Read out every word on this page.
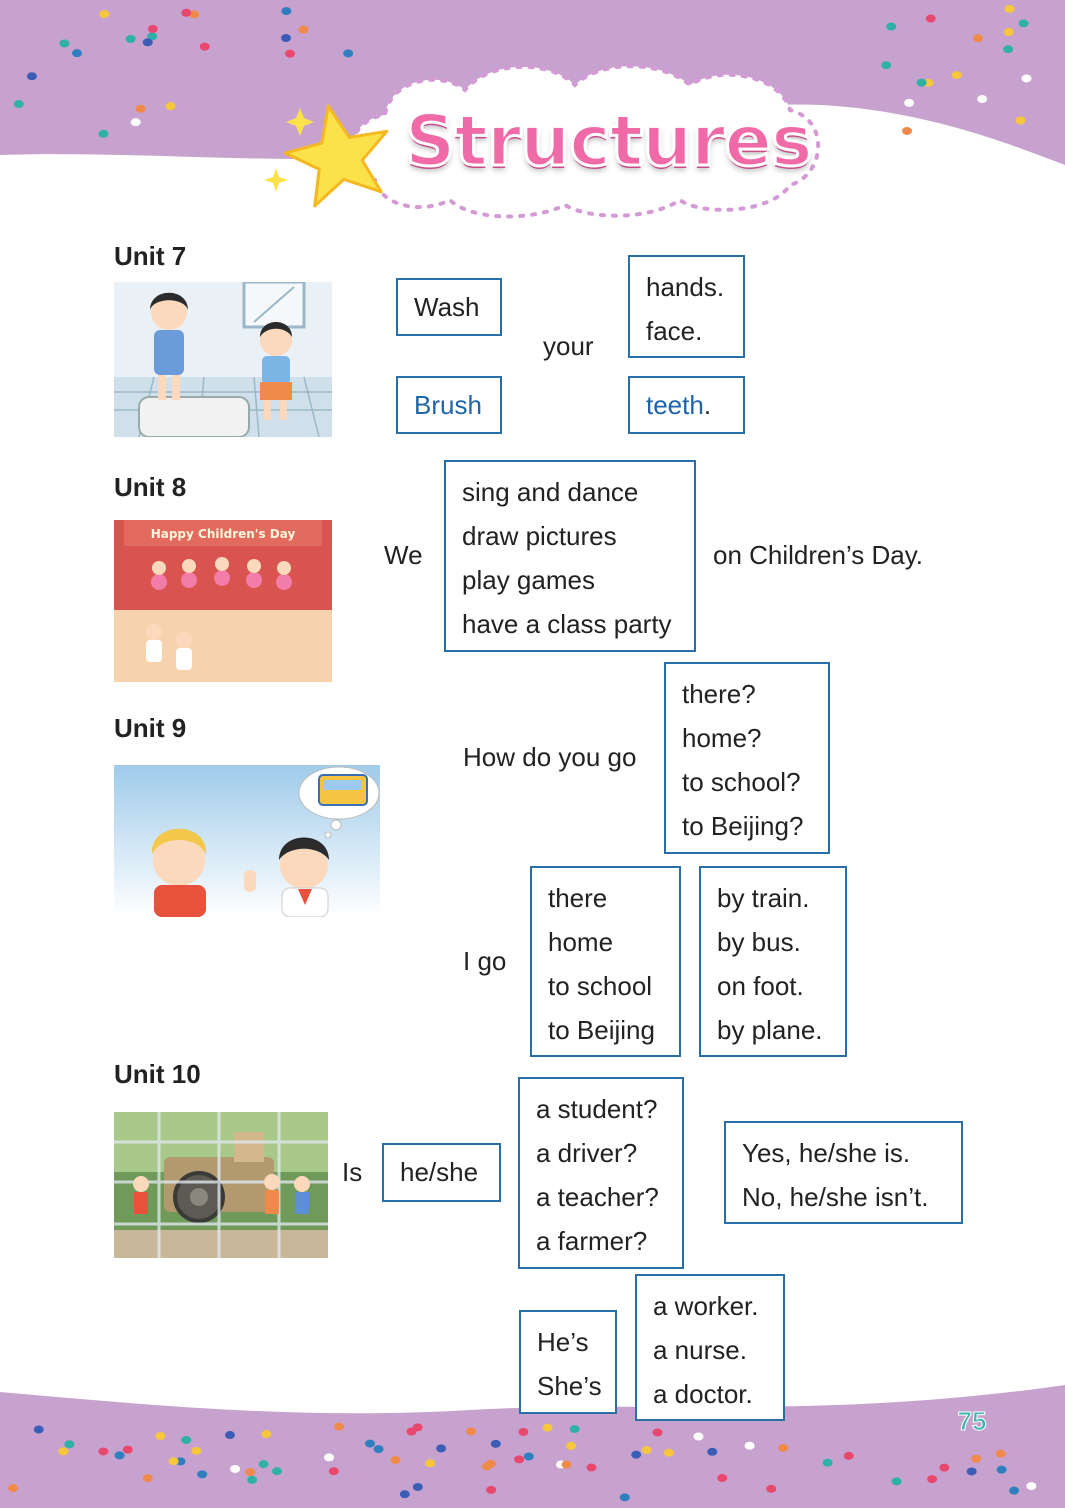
Structures
Unit 7
Wash
Brush
your
hands.
face.
teeth.
Unit 8
Happy Children's Day
We
sing and dance
draw pictures
play games
have a class party
on Children’s Day.
Unit 9
How do you go
there?
home?
to school?
to Beijing?
I go
there
home
to school
to Beijing
by train.
by bus.
on foot.
by plane.
Unit 10
Is he/she
a student?
a driver?
a teacher?
a farmer?
Yes, he/she is.
No, he/she isn’t.
He’s
She’s
a worker.
a nurse.
a doctor.
75
